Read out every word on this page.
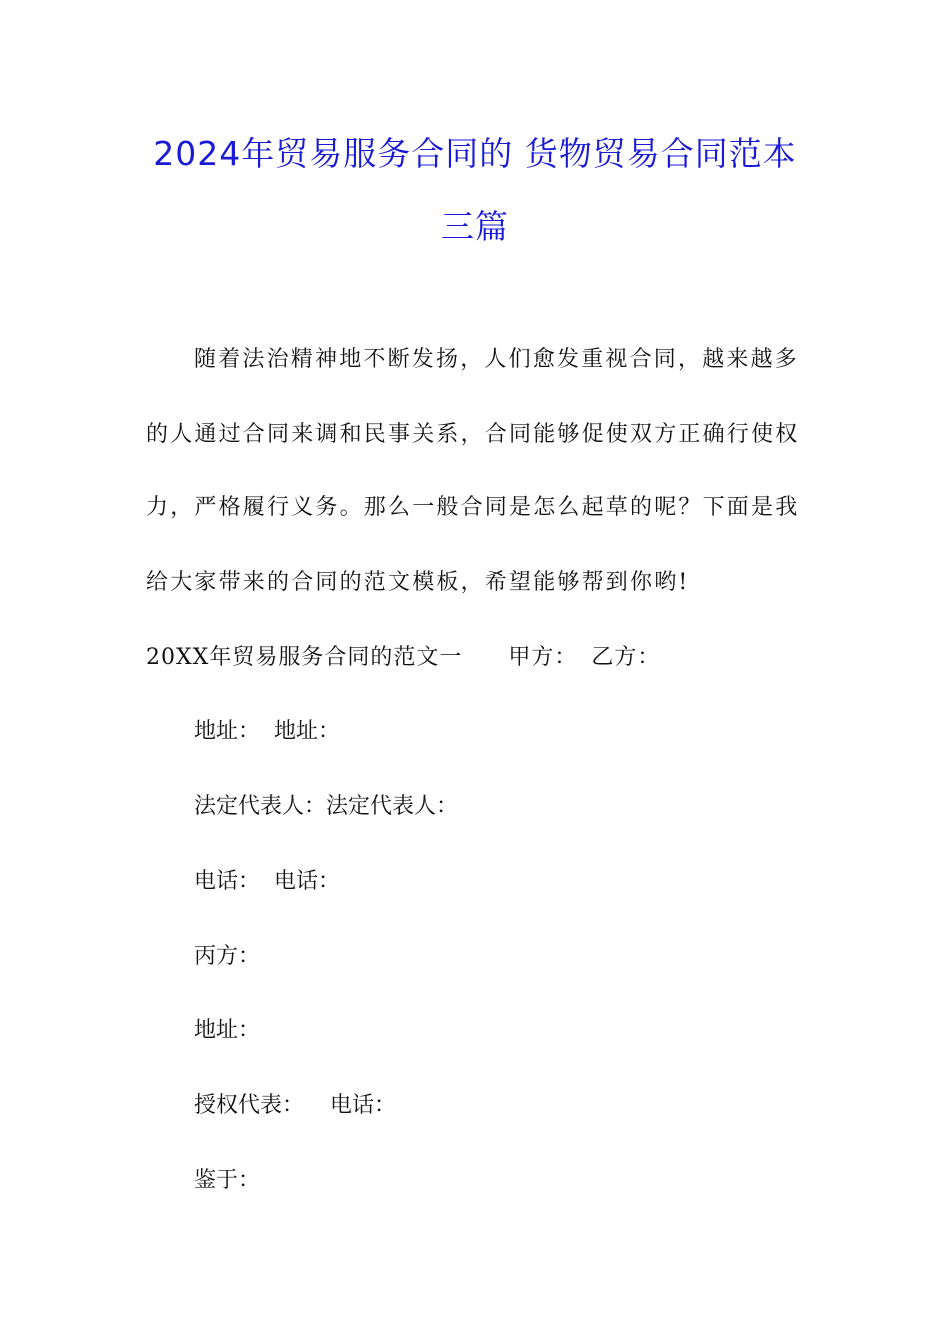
2024年贸易服务合同的 货物贸易合同范本
三篇
随着法治精神地不断发扬，人们愈发重视合同，越来越多
的人通过合同来调和民事关系，合同能够促使双方正确行使权
力，严格履行义务。那么一般合同是怎么起草的呢？下面是我
给大家带来的合同的范文模板，希望能够帮到你哟!
20XX年贸易服务合同的范文一 甲方： 乙方：
地址： 地址：
法定代表人：法定代表人：
电话： 电话：
丙方：
地址：
授权代表： 电话：
鉴于：
